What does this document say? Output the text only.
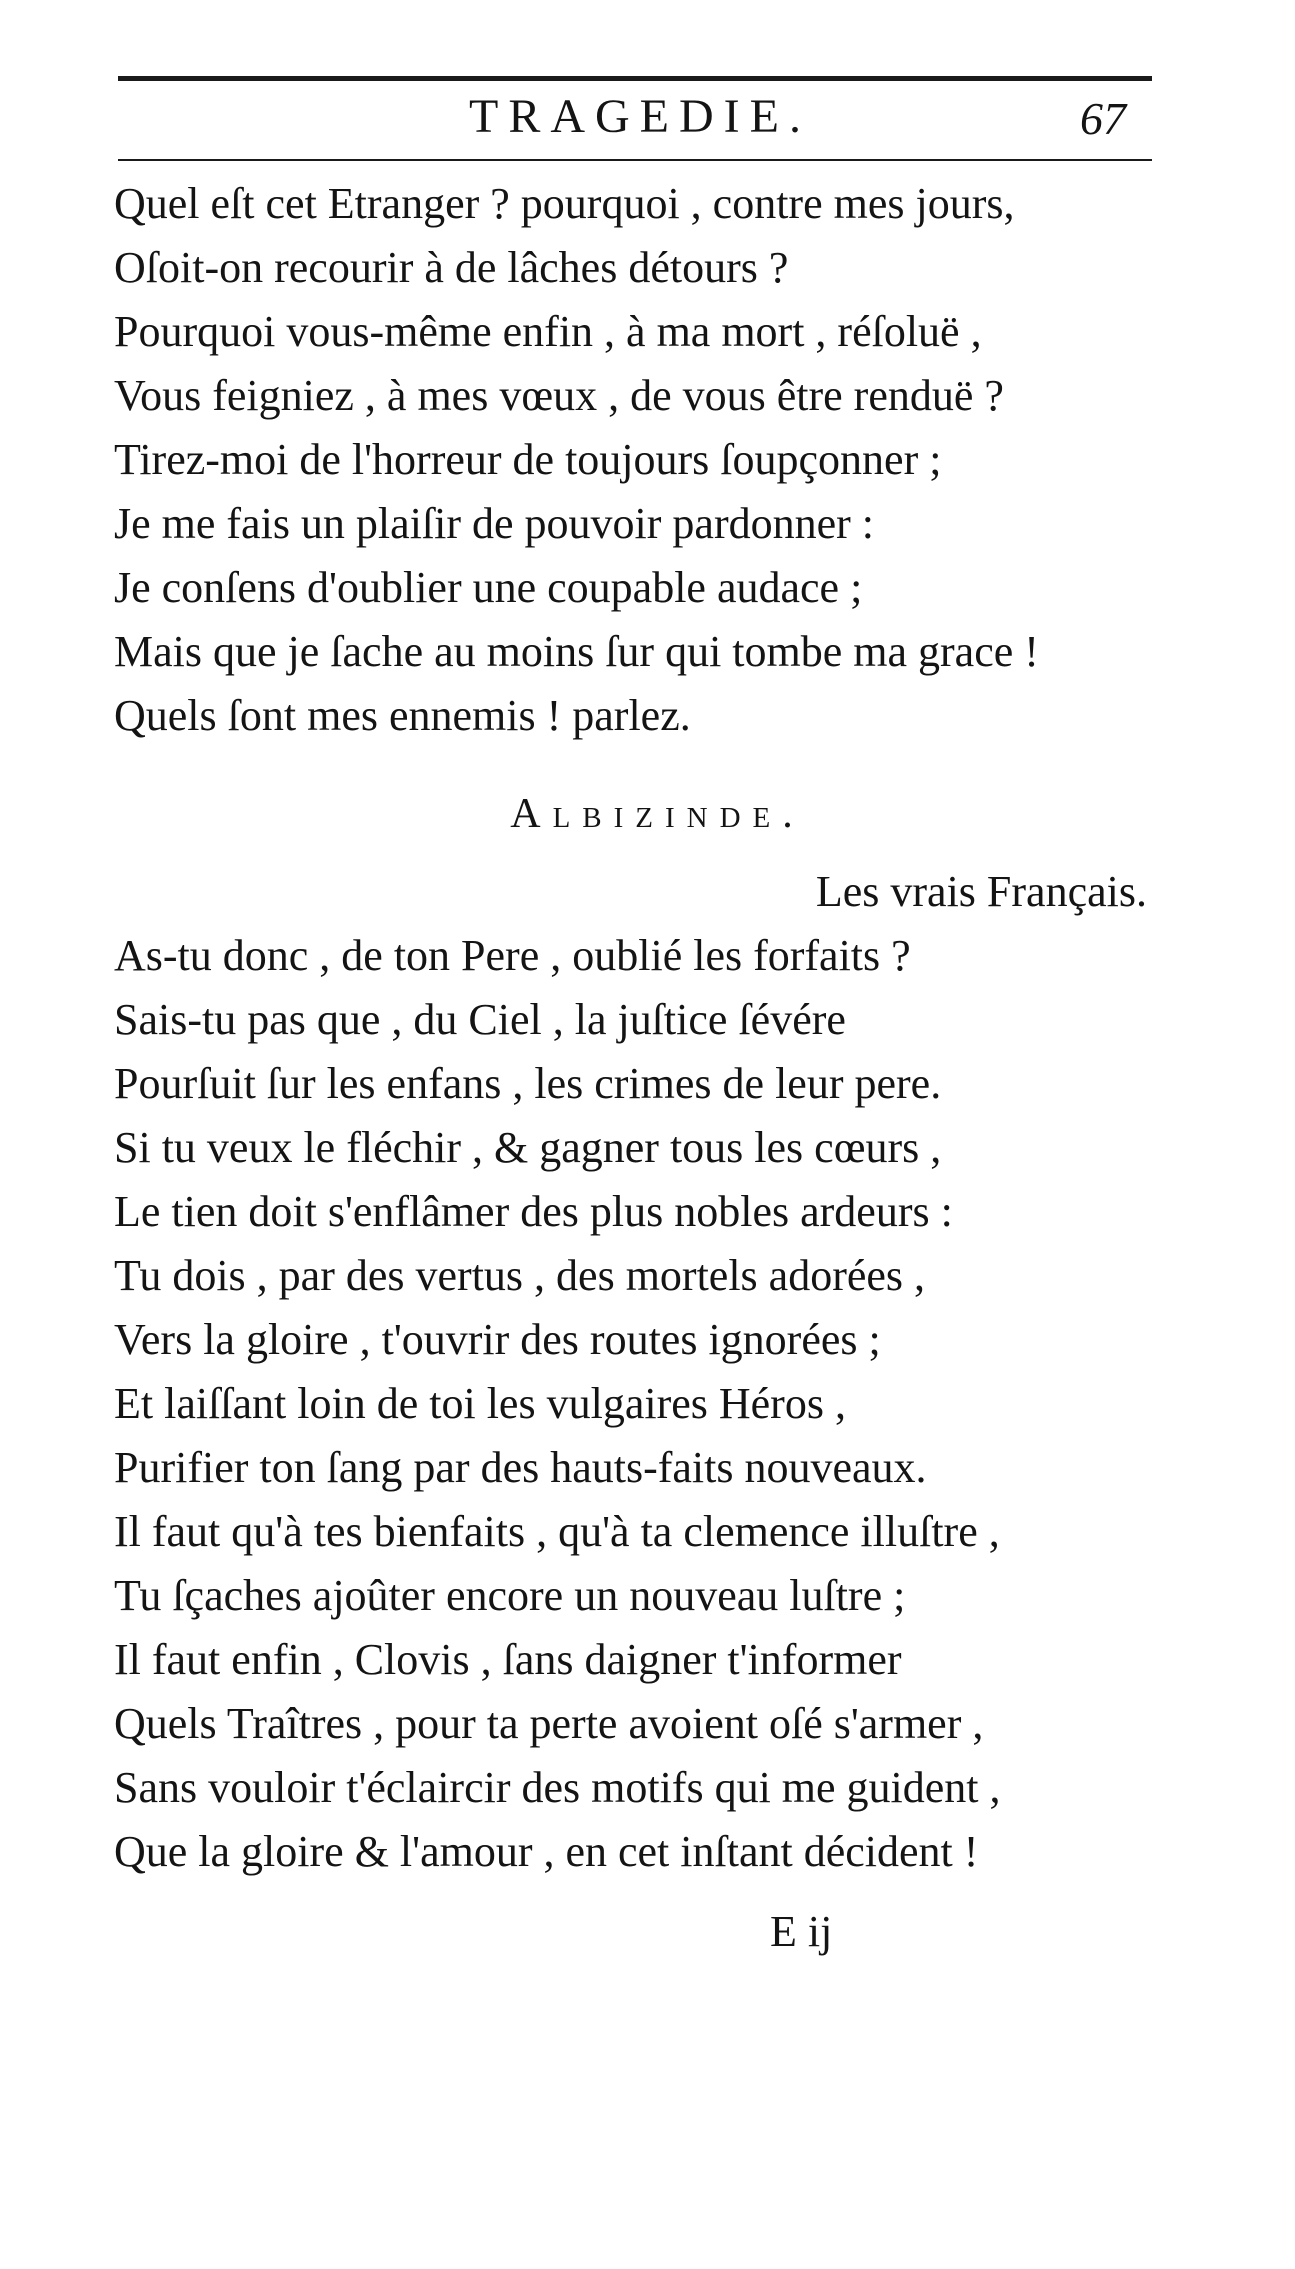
TRAGEDIE.	67
Quel eſt cet Etranger ? pourquoi , contre mes jours,
Oſoit-on recourir à de lâches détours ?
Pourquoi vous-même enfin , à ma mort , réſoluë ,
Vous feigniez , à mes vœux , de vous être renduë ?
Tirez-moi de l'horreur de toujours ſoupçonner ;
Je me fais un plaiſir de pouvoir pardonner :
Je conſens d'oublier une coupable audace ;
Mais que je ſache au moins ſur qui tombe ma grace !
Quels ſont mes ennemis ! parlez.
Albizinde.
Les vrais Français.
As-tu donc , de ton Pere , oublié les forfaits ?
Sais-tu pas que , du Ciel , la juſtice ſévére
Pourſuit ſur les enfans , les crimes de leur pere.
Si tu veux le fléchir , & gagner tous les cœurs ,
Le tien doit s'enflâmer des plus nobles ardeurs :
Tu dois , par des vertus , des mortels adorées ,
Vers la gloire , t'ouvrir des routes ignorées ;
Et laiſſant loin de toi les vulgaires Héros ,
Purifier ton ſang par des hauts-faits nouveaux.
Il faut qu'à tes bienfaits , qu'à ta clemence illuſtre ,
Tu ſçaches ajoûter encore un nouveau luſtre ;
Il faut enfin , Clovis , ſans daigner t'informer
Quels Traîtres , pour ta perte avoient oſé s'armer ,
Sans vouloir t'éclaircir des motifs qui me guident ,
Que la gloire & l'amour , en cet inſtant décident !
E ij
